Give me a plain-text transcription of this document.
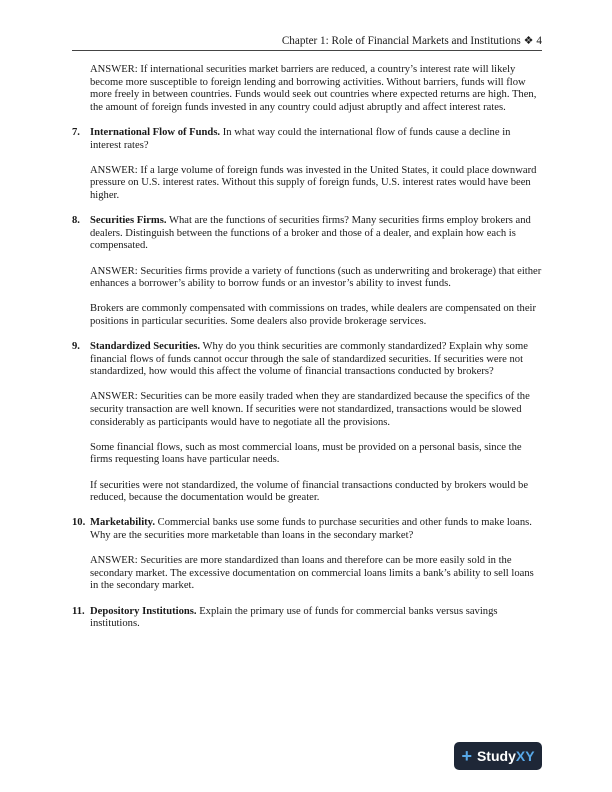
Chapter 1: Role of Financial Markets and Institutions ❖ 4

ANSWER: If international securities market barriers are reduced, a country’s interest rate will likely become more susceptible to foreign lending and borrowing activities. Without barriers, funds will flow more freely in between countries. Funds would seek out countries where expected returns are high. Then, the amount of foreign funds invested in any country could adjust abruptly and affect interest rates.

7. International Flow of Funds. In what way could the international flow of funds cause a decline in interest rates?

ANSWER: If a large volume of foreign funds was invested in the United States, it could place downward pressure on U.S. interest rates. Without this supply of foreign funds, U.S. interest rates would have been higher.

8. Securities Firms. What are the functions of securities firms? Many securities firms employ brokers and dealers. Distinguish between the functions of a broker and those of a dealer, and explain how each is compensated.

ANSWER: Securities firms provide a variety of functions (such as underwriting and brokerage) that either enhances a borrower’s ability to borrow funds or an investor’s ability to invest funds.

Brokers are commonly compensated with commissions on trades, while dealers are compensated on their positions in particular securities. Some dealers also provide brokerage services.

9. Standardized Securities. Why do you think securities are commonly standardized? Explain why some financial flows of funds cannot occur through the sale of standardized securities. If securities were not standardized, how would this affect the volume of financial transactions conducted by brokers?

ANSWER: Securities can be more easily traded when they are standardized because the specifics of the security transaction are well known. If securities were not standardized, transactions would be slowed considerably as participants would have to negotiate all the provisions.

Some financial flows, such as most commercial loans, must be provided on a personal basis, since the firms requesting loans have particular needs.

If securities were not standardized, the volume of financial transactions conducted by brokers would be reduced, because the documentation would be greater.

10. Marketability. Commercial banks use some funds to purchase securities and other funds to make loans. Why are the securities more marketable than loans in the secondary market?

ANSWER: Securities are more standardized than loans and therefore can be more easily sold in the secondary market. The excessive documentation on commercial loans limits a bank’s ability to sell loans in the secondary market.

11. Depository Institutions. Explain the primary use of funds for commercial banks versus savings institutions.

+ StudyXY
